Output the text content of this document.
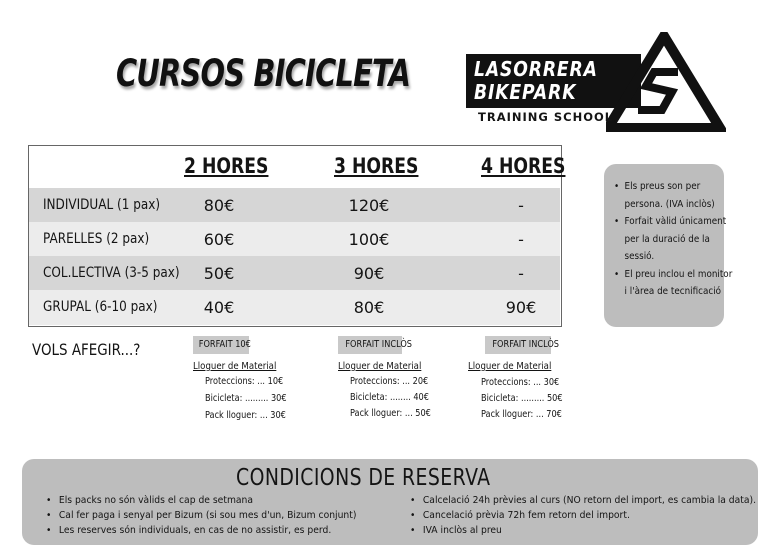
CURSOS BICICLETA	LASORRERA
BIKEPARK
TRAINING SCHOOL
2 HORES	3 HORES	4 HORES
INDIVIDUAL (1 pax)	80€	120€	-
PARELLES (2 pax)	60€	100€	-
COL.LECTIVA (3-5 pax)	50€	90€	-
GRUPAL (6-10 pax)	40€	80€	90€
• Els preus son per persona. (IVA inclòs)
• Forfait vàlid únicament per la duració de la sessió.
• El preu inclou el monitor i l'àrea de tecnificació
VOLS AFEGIR...?	FORFAIT 10€	FORFAIT INCLÒS	FORFAIT INCLÒS
Lloguer de Material
Proteccions: ... 10€
Bicicleta: ......... 30€
Pack lloguer: ... 30€
Lloguer de Material
Proteccions: ... 20€
Bicicleta: ........ 40€
Pack lloguer: ... 50€
Lloguer de Material
Proteccions: ... 30€
Bicicleta: ......... 50€
Pack lloguer: ... 70€
CONDICIONS DE RESERVA
• Els packs no són vàlids el cap de setmana
• Cal fer paga i senyal per Bizum (si sou mes d'un, Bizum conjunt)
• Les reserves són individuals, en cas de no assistir, es perd.
• Calcelació 24h prèvies al curs (NO retorn del import, es cambia la data).
• Cancelació prèvia 72h fem retorn del import.
• IVA inclòs al preu
